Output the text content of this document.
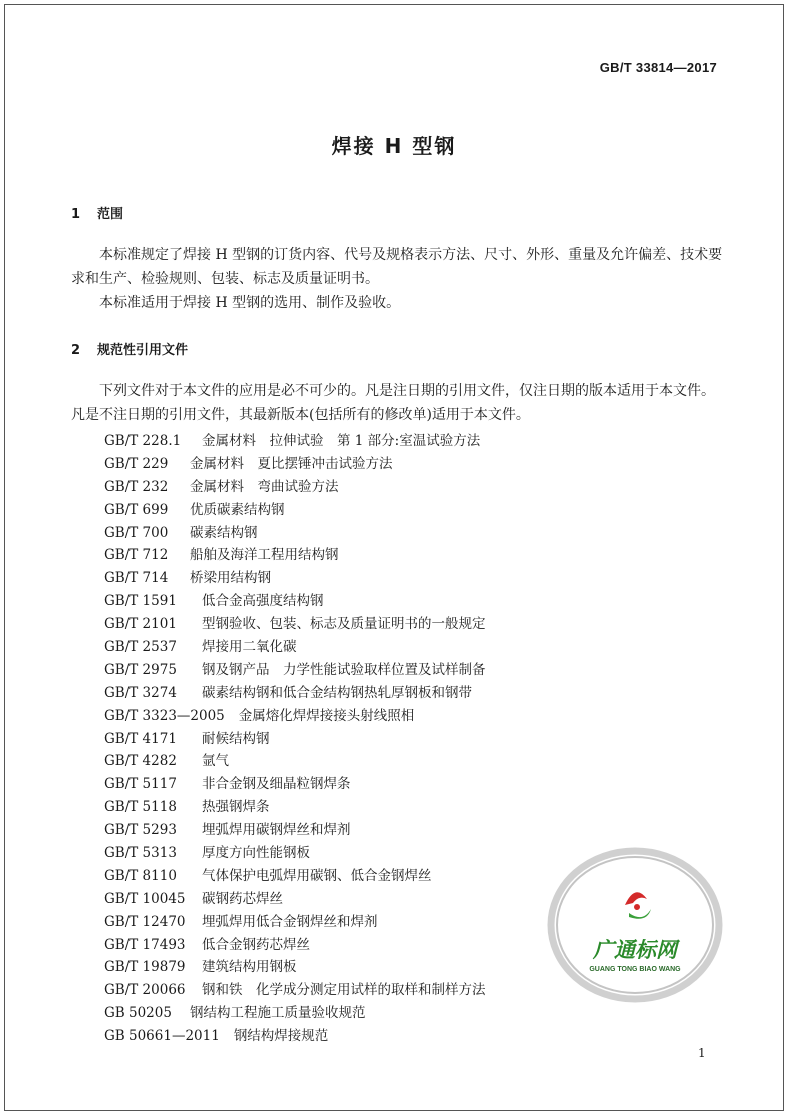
GB/T 33814—2017
焊接 H 型钢
1 范围

本标准规定了焊接 H 型钢的订货内容、代号及规格表示方法、尺寸、外形、重量及允许偏差、技术要求和生产、检验规则、包装、标志及质量证明书。

本标准适用于焊接 H 型钢的选用、制作及验收。

2 规范性引用文件

下列文件对于本文件的应用是必不可少的。凡是注日期的引用文件，仅注日期的版本适用于本文件。凡是不注日期的引用文件，其最新版本(包括所有的修改单)适用于本文件。

GB/T 228.1 金属材料　拉伸试验　第 1 部分:室温试验方法
GB/T 229 金属材料　夏比摆锤冲击试验方法
GB/T 232 金属材料　弯曲试验方法
GB/T 699 优质碳素结构钢
GB/T 700 碳素结构钢
GB/T 712 船舶及海洋工程用结构钢
GB/T 714 桥梁用结构钢
GB/T 1591 低合金高强度结构钢
GB/T 2101 型钢验收、包装、标志及质量证明书的一般规定
GB/T 2537 焊接用二氧化碳
GB/T 2975 钢及钢产品　力学性能试验取样位置及试样制备
GB/T 3274 碳素结构钢和低合金结构钢热轧厚钢板和钢带
GB/T 3323—2005 金属熔化焊焊接接头射线照相
GB/T 4171 耐候结构钢
GB/T 4282 氩气
GB/T 5117 非合金钢及细晶粒钢焊条
GB/T 5118 热强钢焊条
GB/T 5293 埋弧焊用碳钢焊丝和焊剂
GB/T 5313 厚度方向性能钢板
GB/T 8110 气体保护电弧焊用碳钢、低合金钢焊丝
GB/T 10045 碳钢药芯焊丝
GB/T 12470 埋弧焊用低合金钢焊丝和焊剂
GB/T 17493 低合金钢药芯焊丝
GB/T 19879 建筑结构用钢板
GB/T 20066 钢和铁　化学成分测定用试样的取样和制样方法
GB 50205 钢结构工程施工质量验收规范
GB 50661—2011 钢结构焊接规范
广通标网
GUANG TONG BIAO WANG
1
